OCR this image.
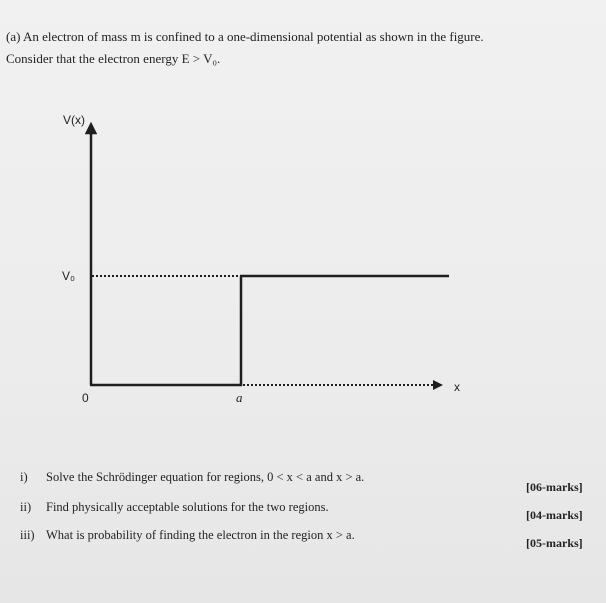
(a) An electron of mass m is confined to a one-dimensional potential as shown in the figure.
Consider that the electron energy E > V₀.
V(x)
V₀
0	a
x
i) Solve the Schrödinger equation for regions, 0 < x < a and x > a.
[06-marks]
ii) Find physically acceptable solutions for the two regions.
[04-marks]
iii) What is probability of finding the electron in the region x > a.
[05-marks]
